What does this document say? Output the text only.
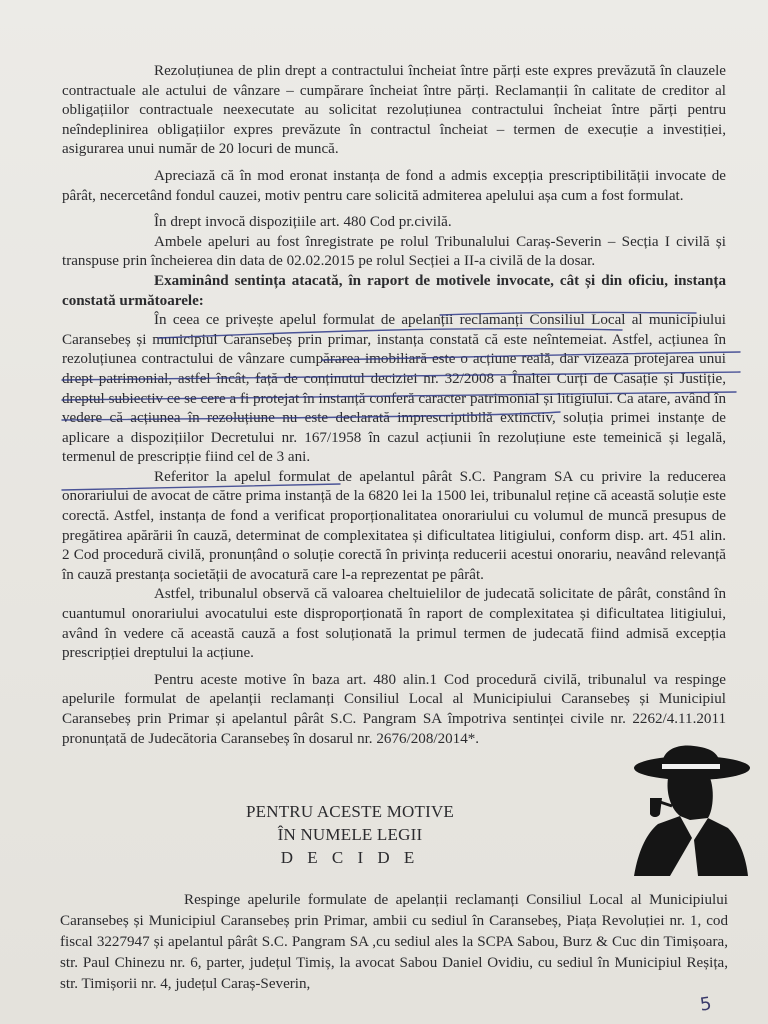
Rezoluțiunea de plin drept a contractului încheiat între părți este expres prevăzută în clauzele contractuale ale actului de vânzare – cumpărare încheiat între părți. Reclamanții în calitate de creditor al obligațiilor contractuale neexecutate au solicitat rezoluțiunea contractului încheiat între părți pentru neîndeplinirea obligațiilor expres prevăzute în contractul încheiat – termen de execuție a investiției, asigurarea unui număr de 20 locuri de muncă.

Apreciază că în mod eronat instanța de fond a admis excepția prescriptibilității invocate de pârât, necercetând fondul cauzei, motiv pentru care solicită admiterea apelului așa cum a fost formulat.

În drept invocă dispozițiile art. 480 Cod pr.civilă.

Ambele apeluri au fost înregistrate pe rolul Tribunalului Caraș-Severin – Secția I civilă și transpuse prin încheierea din data de 02.02.2015 pe rolul Secției a II-a civilă de la dosar.

Examinând sentința atacată, în raport de motivele invocate, cât și din oficiu, instanța constată următoarele:

În ceea ce privește apelul formulat de apelanții reclamanți Consiliul Local al municipiului Caransebeș și municipiul Caransebeș prin primar, instanța constată că este neîntemeiat. Astfel, acțiunea în rezoluțiunea contractului de vânzare cumpărarea imobiliară este o acțiune reală, dar vizează protejarea unui drept patrimonial, astfel încât, față de conținutul deciziei nr. 32/2008 a Înaltei Curți de Casație și Justiție, dreptul subiectiv ce se cere a fi protejat în instanță conferă caracter patrimonial și litigiului. Ca atare, având în vedere că acțiunea în rezoluțiune nu este declarată imprescriptibilă extinctiv, soluția primei instanțe de aplicare a dispozițiilor Decretului nr. 167/1958 în cazul acțiunii în rezoluțiune este temeinică și legală, termenul de prescripție fiind cel de 3 ani.

Referitor la apelul formulat de apelantul pârât S.C. Pangram SA cu privire la reducerea onorariului de avocat de către prima instanță de la 6820 lei la 1500 lei, tribunalul reține că această soluție este corectă. Astfel, instanța de fond a verificat proporționalitatea onorariului cu volumul de muncă presupus de pregătirea apărării în cauză, determinat de complexitatea și dificultatea litigiului, conform disp. art. 451 alin. 2 Cod procedură civilă, pronunțând o soluție corectă în privința reducerii acestui onorariu, neavând relevanță în cauză prestanța societății de avocatură care l-a reprezentat pe pârât.

Astfel, tribunalul observă că valoarea cheltuielilor de judecată solicitate de pârât, constând în cuantumul onorariului avocatului este disproporționată în raport de complexitatea și dificultatea litigiului, având în vedere că această cauză a fost soluționată la primul termen de judecată fiind admisă excepția prescripției dreptului la acțiune.

Pentru aceste motive în baza art. 480 alin.1 Cod procedură civilă, tribunalul va respinge apelurile formulat de apelanții reclamanți Consiliul Local al Municipiului Caransebeș și Municipiul Caransebeș prin Primar și apelantul pârât S.C. Pangram SA împotriva sentinței civile nr. 2262/4.11.2011 pronunțată de Judecătoria Caransebeș în dosarul nr. 2676/208/2014*.

PENTRU ACESTE MOTIVE
ÎN NUMELE LEGII
D E C I D E

Respinge apelurile formulate de apelanții reclamanți Consiliul Local al Municipiului Caransebeș și Municipiul Caransebeș prin Primar, ambii cu sediul în Caransebeș, Piața Revoluției nr. 1, cod fiscal 3227947 și apelantul pârât S.C. Pangram SA ,cu sediul ales la SCPA Sabou, Burz & Cuc din Timișoara, str. Paul Chinezu nr. 6, parter, județul Timiș, la avocat Sabou Daniel Ovidiu, cu sediul în Municipiul Reșița, str. Timișorii nr. 4, județul Caraș-Severin,

5
